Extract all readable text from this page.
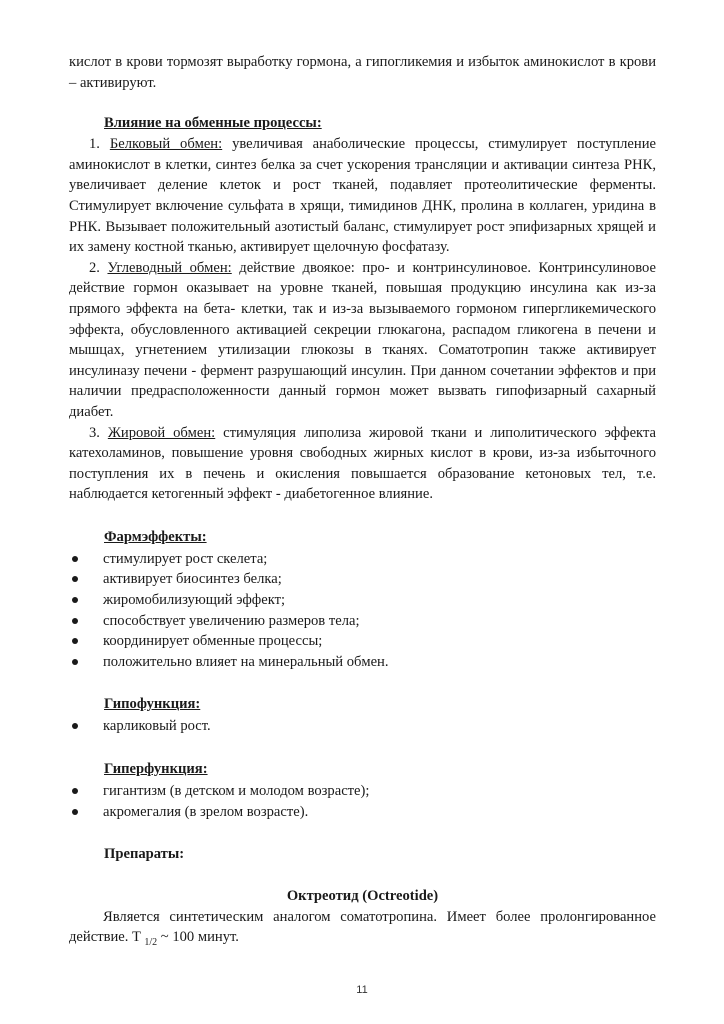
кислот в крови тормозят выработку гормона, а гипогликемия и избыток аминокислот в крови – активируют.

Влияние на обменные процессы:

1. Белковый обмен: увеличивая анаболические процессы, стимулирует поступление аминокислот в клетки, синтез белка за счет ускорения трансляции и активации синтеза РНК, увеличивает деление клеток и рост тканей, подавляет протеолитические ферменты. Стимулирует включение сульфата в хрящи, тимидинов ДНК, пролина в коллаген, уридина в РНК. Вызывает положительный азотистый баланс, стимулирует рост эпифизарных хрящей и их замену костной тканью, активирует щелочную фосфатазу.

2. Углеводный обмен: действие двоякое: про- и контринсулиновое. Контринсулиновое действие гормон оказывает на уровне тканей, повышая продукцию инсулина как из-за прямого эффекта на бета- клетки, так и из-за вызываемого гормоном гипергликемического эффекта, обусловленного активацией секреции глюкагона, распадом гликогена в печени и мышцах, угнетением утилизации глюкозы в тканях. Соматотропин также активирует инсулиназу печени - фермент разрушающий инсулин. При данном сочетании эффектов и при наличии предрасположенности данный гормон может вызвать гипофизарный сахарный диабет.

3. Жировой обмен: стимуляция липолиза жировой ткани и липолитического эффекта катехоламинов, повышение уровня свободных жирных кислот в крови, из-за избыточного поступления их в печень и окисления повышается образование кетоновых тел, т.е. наблюдается кетогенный эффект - диабетогенное влияние.

Фармэффекты:

стимулирует рост скелета;
активирует биосинтез белка;
жиромобилизующий эффект;
способствует увеличению размеров тела;
координирует обменные процессы;
положительно влияет на минеральный обмен.

Гипофункция:

карликовый рост.

Гиперфункция:

гигантизм (в детском и молодом возрасте);
акромегалия (в зрелом возрасте).

Препараты:

Октреотид (Octreotide)

Является синтетическим аналогом соматотропина. Имеет более пролонгированное действие. T $_{1/2}$ ~ 100 минут.

11
